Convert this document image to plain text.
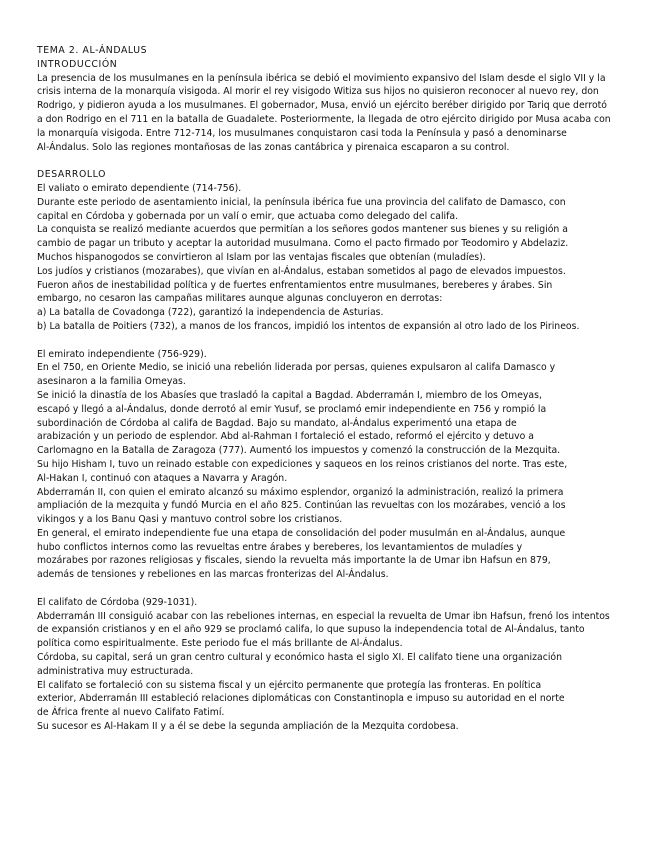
TEMA 2. AL-ÁNDALUS
INTRODUCCIÓN
La presencia de los musulmanes en la península ibérica se debió el movimiento expansivo del Islam desde el siglo VII y la
crisis interna de la monarquía visigoda. Al morir el rey visigodo Witiza sus hijos no quisieron reconocer al nuevo rey, don
Rodrigo, y pidieron ayuda a los musulmanes. El gobernador, Musa, envió un ejército beréber dirigido por Tariq que derrotó
a don Rodrigo en el 711 en la batalla de Guadalete. Posteriormente, la llegada de otro ejército dirigido por Musa acaba con
la monarquía visigoda. Entre 712-714, los musulmanes conquistaron casi toda la Península y pasó a denominarse
Al-Ándalus. Solo las regiones montañosas de las zonas cantábrica y pirenaica escaparon a su control.
DESARROLLO
El valiato o emirato dependiente (714-756).
Durante este periodo de asentamiento inicial, la península ibérica fue una provincia del califato de Damasco, con
capital en Córdoba y gobernada por un valí o emir, que actuaba como delegado del califa.
La conquista se realizó mediante acuerdos que permitían a los señores godos mantener sus bienes y su religión a
cambio de pagar un tributo y aceptar la autoridad musulmana. Como el pacto firmado por Teodomiro y Abdelaziz.
Muchos hispanogodos se convirtieron al Islam por las ventajas fiscales que obtenían (muladíes).
Los judíos y cristianos (mozarabes), que vivían en al-Ándalus, estaban sometidos al pago de elevados impuestos.
Fueron años de inestabilidad política y de fuertes enfrentamientos entre musulmanes, bereberes y árabes. Sin
embargo, no cesaron las campañas militares aunque algunas concluyeron en derrotas:
a) La batalla de Covadonga (722), garantizó la independencia de Asturias.
b) La batalla de Poitiers (732), a manos de los francos, impidió los intentos de expansión al otro lado de los Pirineos.
El emirato independiente (756-929).
En el 750, en Oriente Medio, se inició una rebelión liderada por persas, quienes expulsaron al califa Damasco y
asesinaron a la familia Omeyas.
Se inició la dinastía de los Abasíes que trasladó la capital a Bagdad. Abderramán I, miembro de los Omeyas,
escapó y llegó a al-Ándalus, donde derrotó al emir Yusuf, se proclamó emir independiente en 756 y rompió la
subordinación de Córdoba al califa de Bagdad. Bajo su mandato, al-Ándalus experimentó una etapa de
arabización y un periodo de esplendor. Abd al-Rahman I fortaleció el estado, reformó el ejército y detuvo a
Carlomagno en la Batalla de Zaragoza (777). Aumentó los impuestos y comenzó la construcción de la Mezquita.
Su hijo Hisham I, tuvo un reinado estable con expediciones y saqueos en los reinos cristianos del norte. Tras este,
Al-Hakan I, continuó con ataques a Navarra y Aragón.
Abderramán II, con quien el emirato alcanzó su máximo esplendor, organizó la administración, realizó la primera
ampliación de la mezquita y fundó Murcia en el año 825. Continúan las revueltas con los mozárabes, venció a los
vikingos y a los Banu Qasi y mantuvo control sobre los cristianos.
En general, el emirato independiente fue una etapa de consolidación del poder musulmán en al-Ándalus, aunque
hubo conflictos internos como las revueltas entre árabes y bereberes, los levantamientos de muladíes y
mozárabes por razones religiosas y fiscales, siendo la revuelta más importante la de Umar ibn Hafsun en 879,
además de tensiones y rebeliones en las marcas fronterizas del Al-Ándalus.
El califato de Córdoba (929-1031).
Abderramán III consiguió acabar con las rebeliones internas, en especial la revuelta de Umar ibn Hafsun, frenó los intentos
de expansión cristianos y en el año 929 se proclamó califa, lo que supuso la independencia total de Al-Ándalus, tanto
política como espiritualmente. Este periodo fue el más brillante de Al-Ándalus.
Córdoba, su capital, será un gran centro cultural y económico hasta el siglo XI. El califato tiene una organización
administrativa muy estructurada.
El califato se fortaleció con su sistema fiscal y un ejército permanente que protegía las fronteras. En política
exterior, Abderramán III estableció relaciones diplomáticas con Constantinopla e impuso su autoridad en el norte
de África frente al nuevo Califato Fatimí.
Su sucesor es Al-Hakam II y a él se debe la segunda ampliación de la Mezquita cordobesa.
